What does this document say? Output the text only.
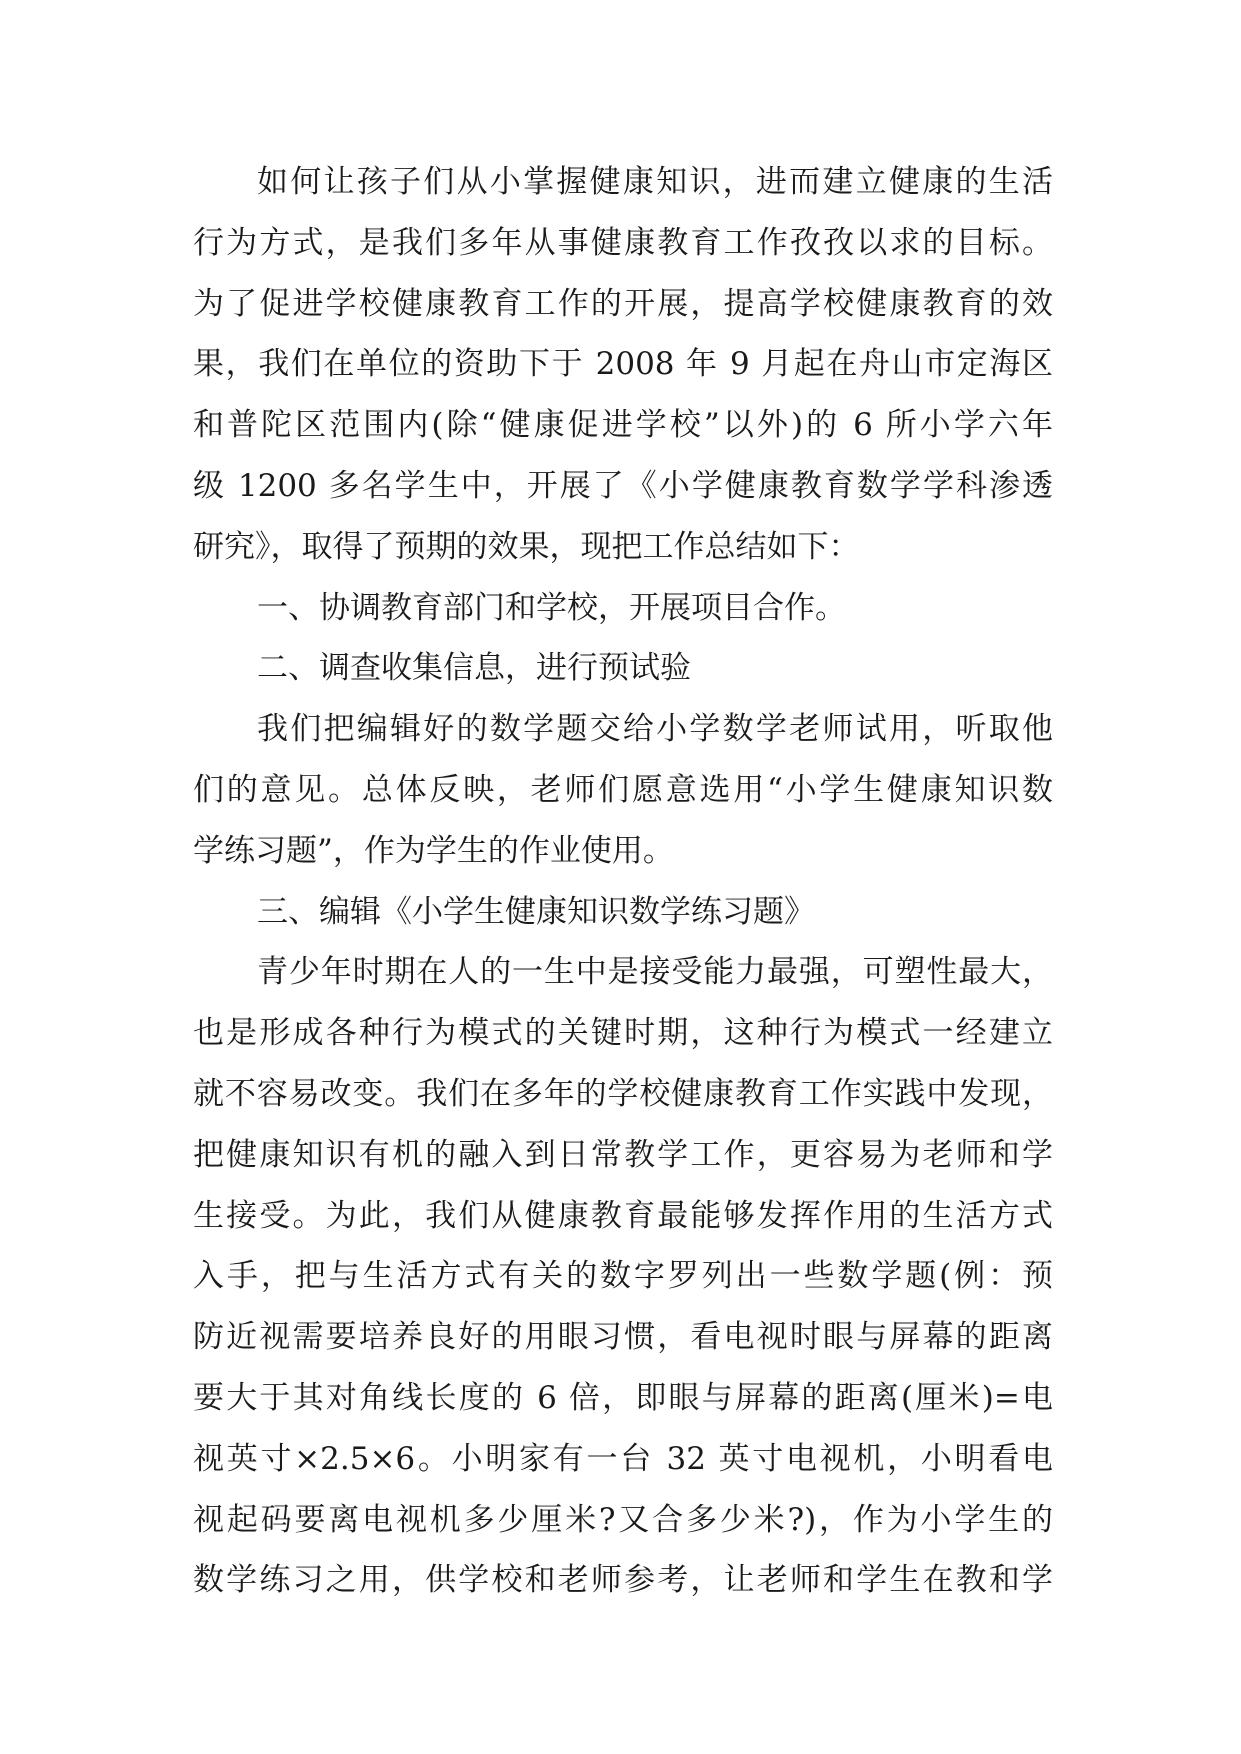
如何让孩子们从小掌握健康知识，进而建立健康的生活
行为方式，是我们多年从事健康教育工作孜孜以求的目标。
为了促进学校健康教育工作的开展，提高学校健康教育的效
果，我们在单位的资助下于 2008 年 9 月起在舟山市定海区
和普陀区范围内(除“健康促进学校”以外)的 6 所小学六年
级 1200 多名学生中，开展了《小学健康教育数学学科渗透
研究》，取得了预期的效果，现把工作总结如下：
一、协调教育部门和学校，开展项目合作。
二、调查收集信息，进行预试验
我们把编辑好的数学题交给小学数学老师试用，听取他
们的意见。总体反映，老师们愿意选用“小学生健康知识数
学练习题”，作为学生的作业使用。
三、编辑《小学生健康知识数学练习题》
青少年时期在人的一生中是接受能力最强，可塑性最大，
也是形成各种行为模式的关键时期，这种行为模式一经建立
就不容易改变。我们在多年的学校健康教育工作实践中发现，
把健康知识有机的融入到日常教学工作，更容易为老师和学
生接受。为此，我们从健康教育最能够发挥作用的生活方式
入手，把与生活方式有关的数字罗列出一些数学题(例：预
防近视需要培养良好的用眼习惯，看电视时眼与屏幕的距离
要大于其对角线长度的 6 倍，即眼与屏幕的距离(厘米)=电
视英寸×2.5×6。小明家有一台 32 英寸电视机，小明看电
视起码要离电视机多少厘米?又合多少米?)，作为小学生的
数学练习之用，供学校和老师参考，让老师和学生在教和学
